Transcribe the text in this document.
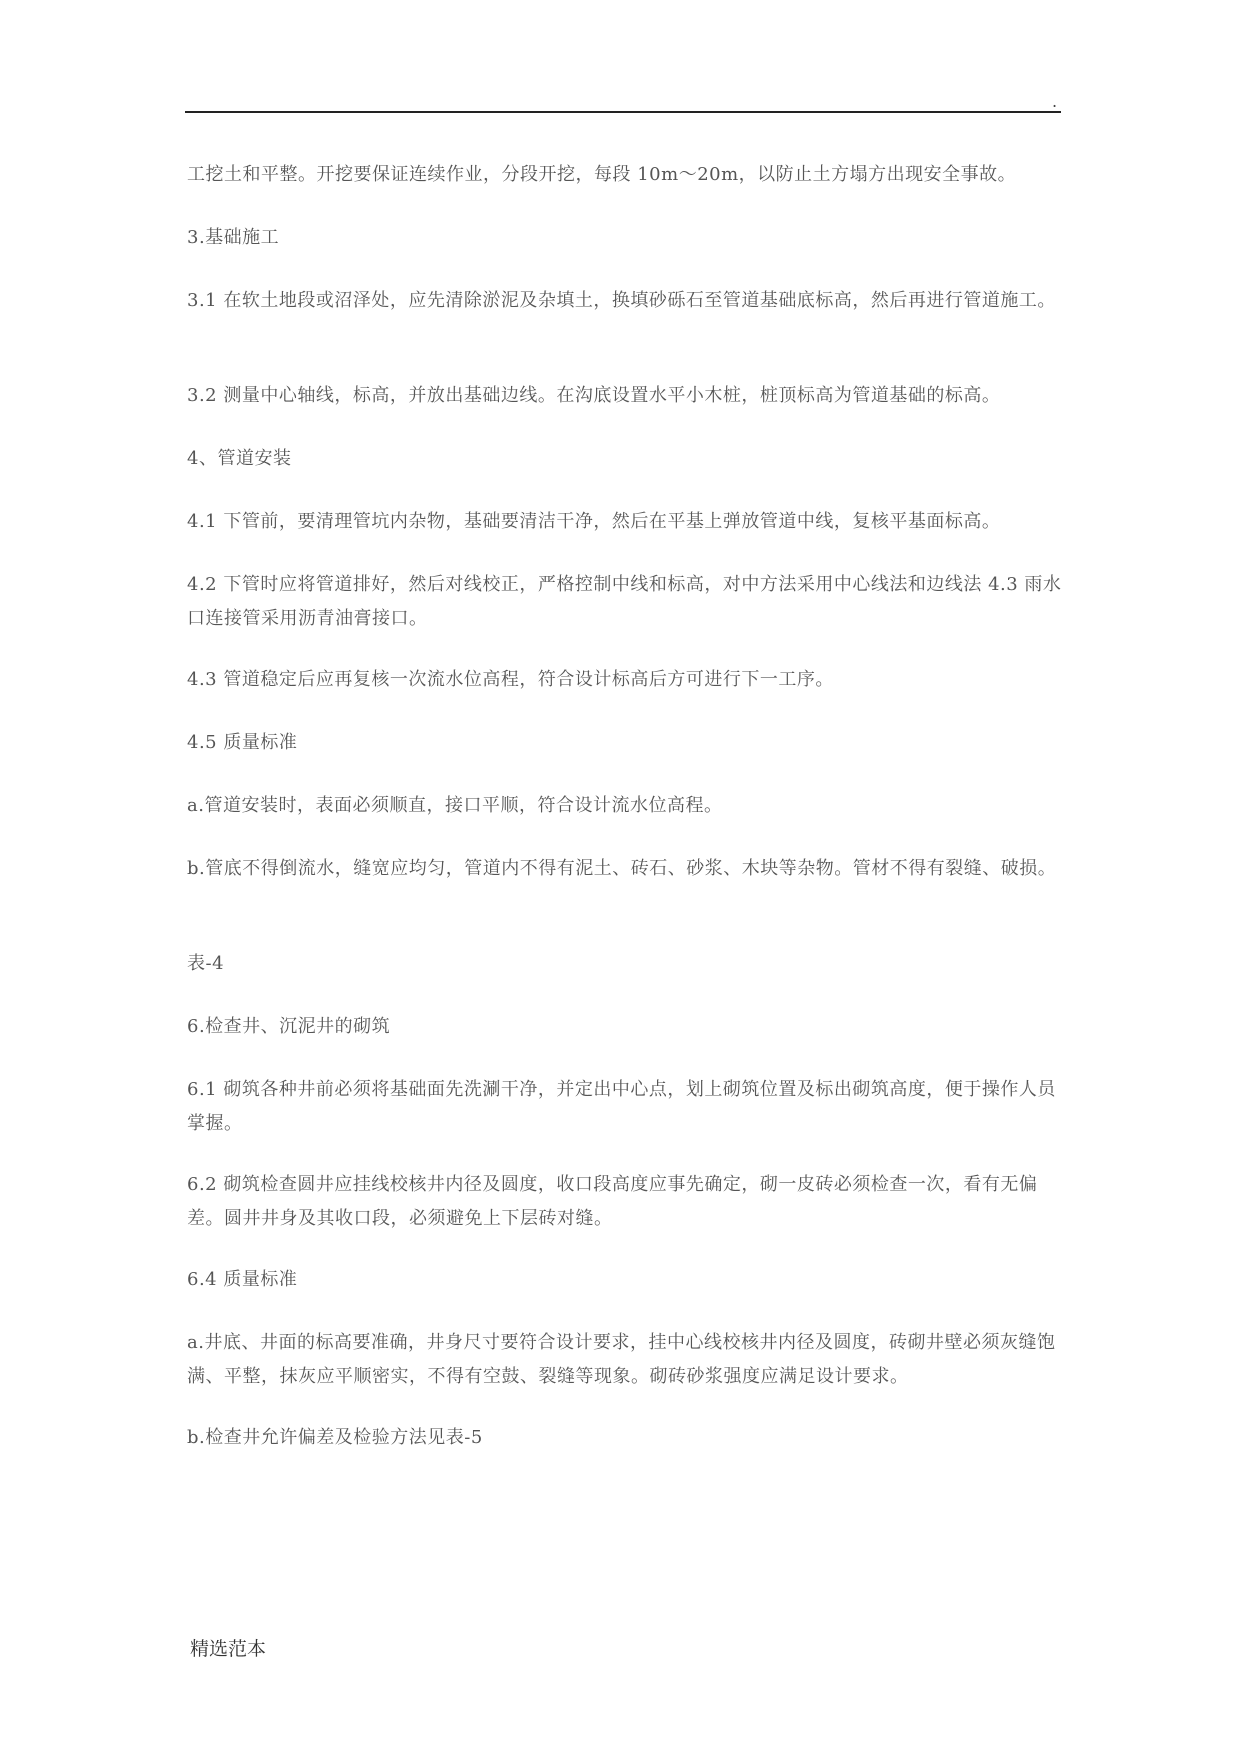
.

工挖土和平整。开挖要保证连续作业，分段开挖，每段 10m～20m，以防止土方塌方出现安全事故。

3.基础施工

3.1 在软土地段或沼泽处，应先清除淤泥及杂填土，换填砂砾石至管道基础底标高，然后再进行管道施工。

3.2 测量中心轴线，标高，并放出基础边线。在沟底设置水平小木桩，桩顶标高为管道基础的标高。

4、管道安装

4.1 下管前，要清理管坑内杂物，基础要清洁干净，然后在平基上弹放管道中线，复核平基面标高。

4.2 下管时应将管道排好，然后对线校正，严格控制中线和标高，对中方法采用中心线法和边线法 4.3 雨水口连接管采用沥青油膏接口。

4.3 管道稳定后应再复核一次流水位高程，符合设计标高后方可进行下一工序。

4.5 质量标准

a.管道安装时，表面必须顺直，接口平顺，符合设计流水位高程。

b.管底不得倒流水，缝宽应均匀，管道内不得有泥土、砖石、砂浆、木块等杂物。管材不得有裂缝、破损。

表-4

6.检查井、沉泥井的砌筑

6.1 砌筑各种井前必须将基础面先洗涮干净，并定出中心点，划上砌筑位置及标出砌筑高度，便于操作人员掌握。

6.2 砌筑检查圆井应挂线校核井内径及圆度，收口段高度应事先确定，砌一皮砖必须检查一次，看有无偏差。圆井井身及其收口段，必须避免上下层砖对缝。

6.4 质量标准

a.井底、井面的标高要准确，井身尺寸要符合设计要求，挂中心线校核井内径及圆度，砖砌井壁必须灰缝饱满、平整，抹灰应平顺密实，不得有空鼓、裂缝等现象。砌砖砂浆强度应满足设计要求。

b.检查井允许偏差及检验方法见表-5

精选范本
